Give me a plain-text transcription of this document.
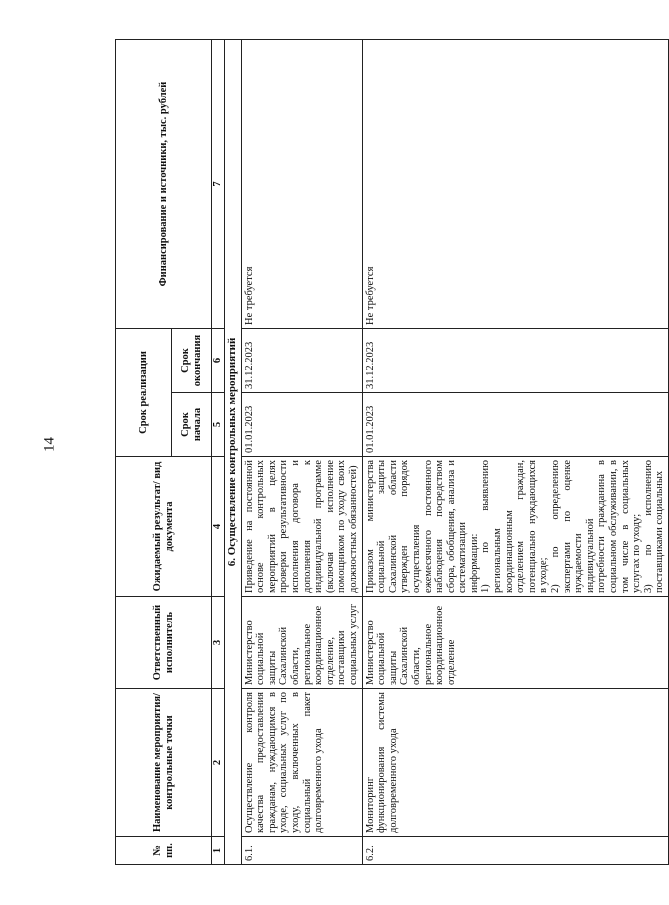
14
№ пп.	Наименование мероприятия/ контрольные точки	Ответственный исполнитель	Ожидаемый результат/ вид документа	Срок реализации		Финансирование и источники, тыс. рублей
				Срок начала	Срок окончания	
1	2	3	4	5	6	7
6. Осуществление контрольных мероприятий						
6.1.	Осуществление контроля качества предоставления гражданам, нуждающимся в уходе, социальных услуг по уходу, включенных в социальный пакет долговременного ухода	Министерство социальной защиты Сахалинской области, региональное координационное отделение, поставщики социальных услуг	Приведение на постоянной основе контрольных мероприятий в целях проверки результативности исполнения договора и дополнения к индивидуальной программе (включая исполнение помощником по уходу своих должностных обязанностей)	01.01.2023	31.12.2023	Не требуется
6.2.	Мониторинг функционирования системы долговременного ухода	Министерство социальной защиты Сахалинской области, региональное координационное отделение	Приказом министерства социальной защиты Сахалинской области утвержден порядок осуществления ежемесячного постоянного наблюдения посредством сбора, обобщения, анализа и систематизации информации:
1) по выявлению региональным координационным отделением граждан, потенциально нуждающихся в уходе;
2) по определению экспертами по оценке нуждаемости индивидуальной потребности гражданина в социальном обслуживании, в том числе в социальных услугах по уходу;
3) по исполнению поставщиками социальных	01.01.2023	31.12.2023	Не требуется
